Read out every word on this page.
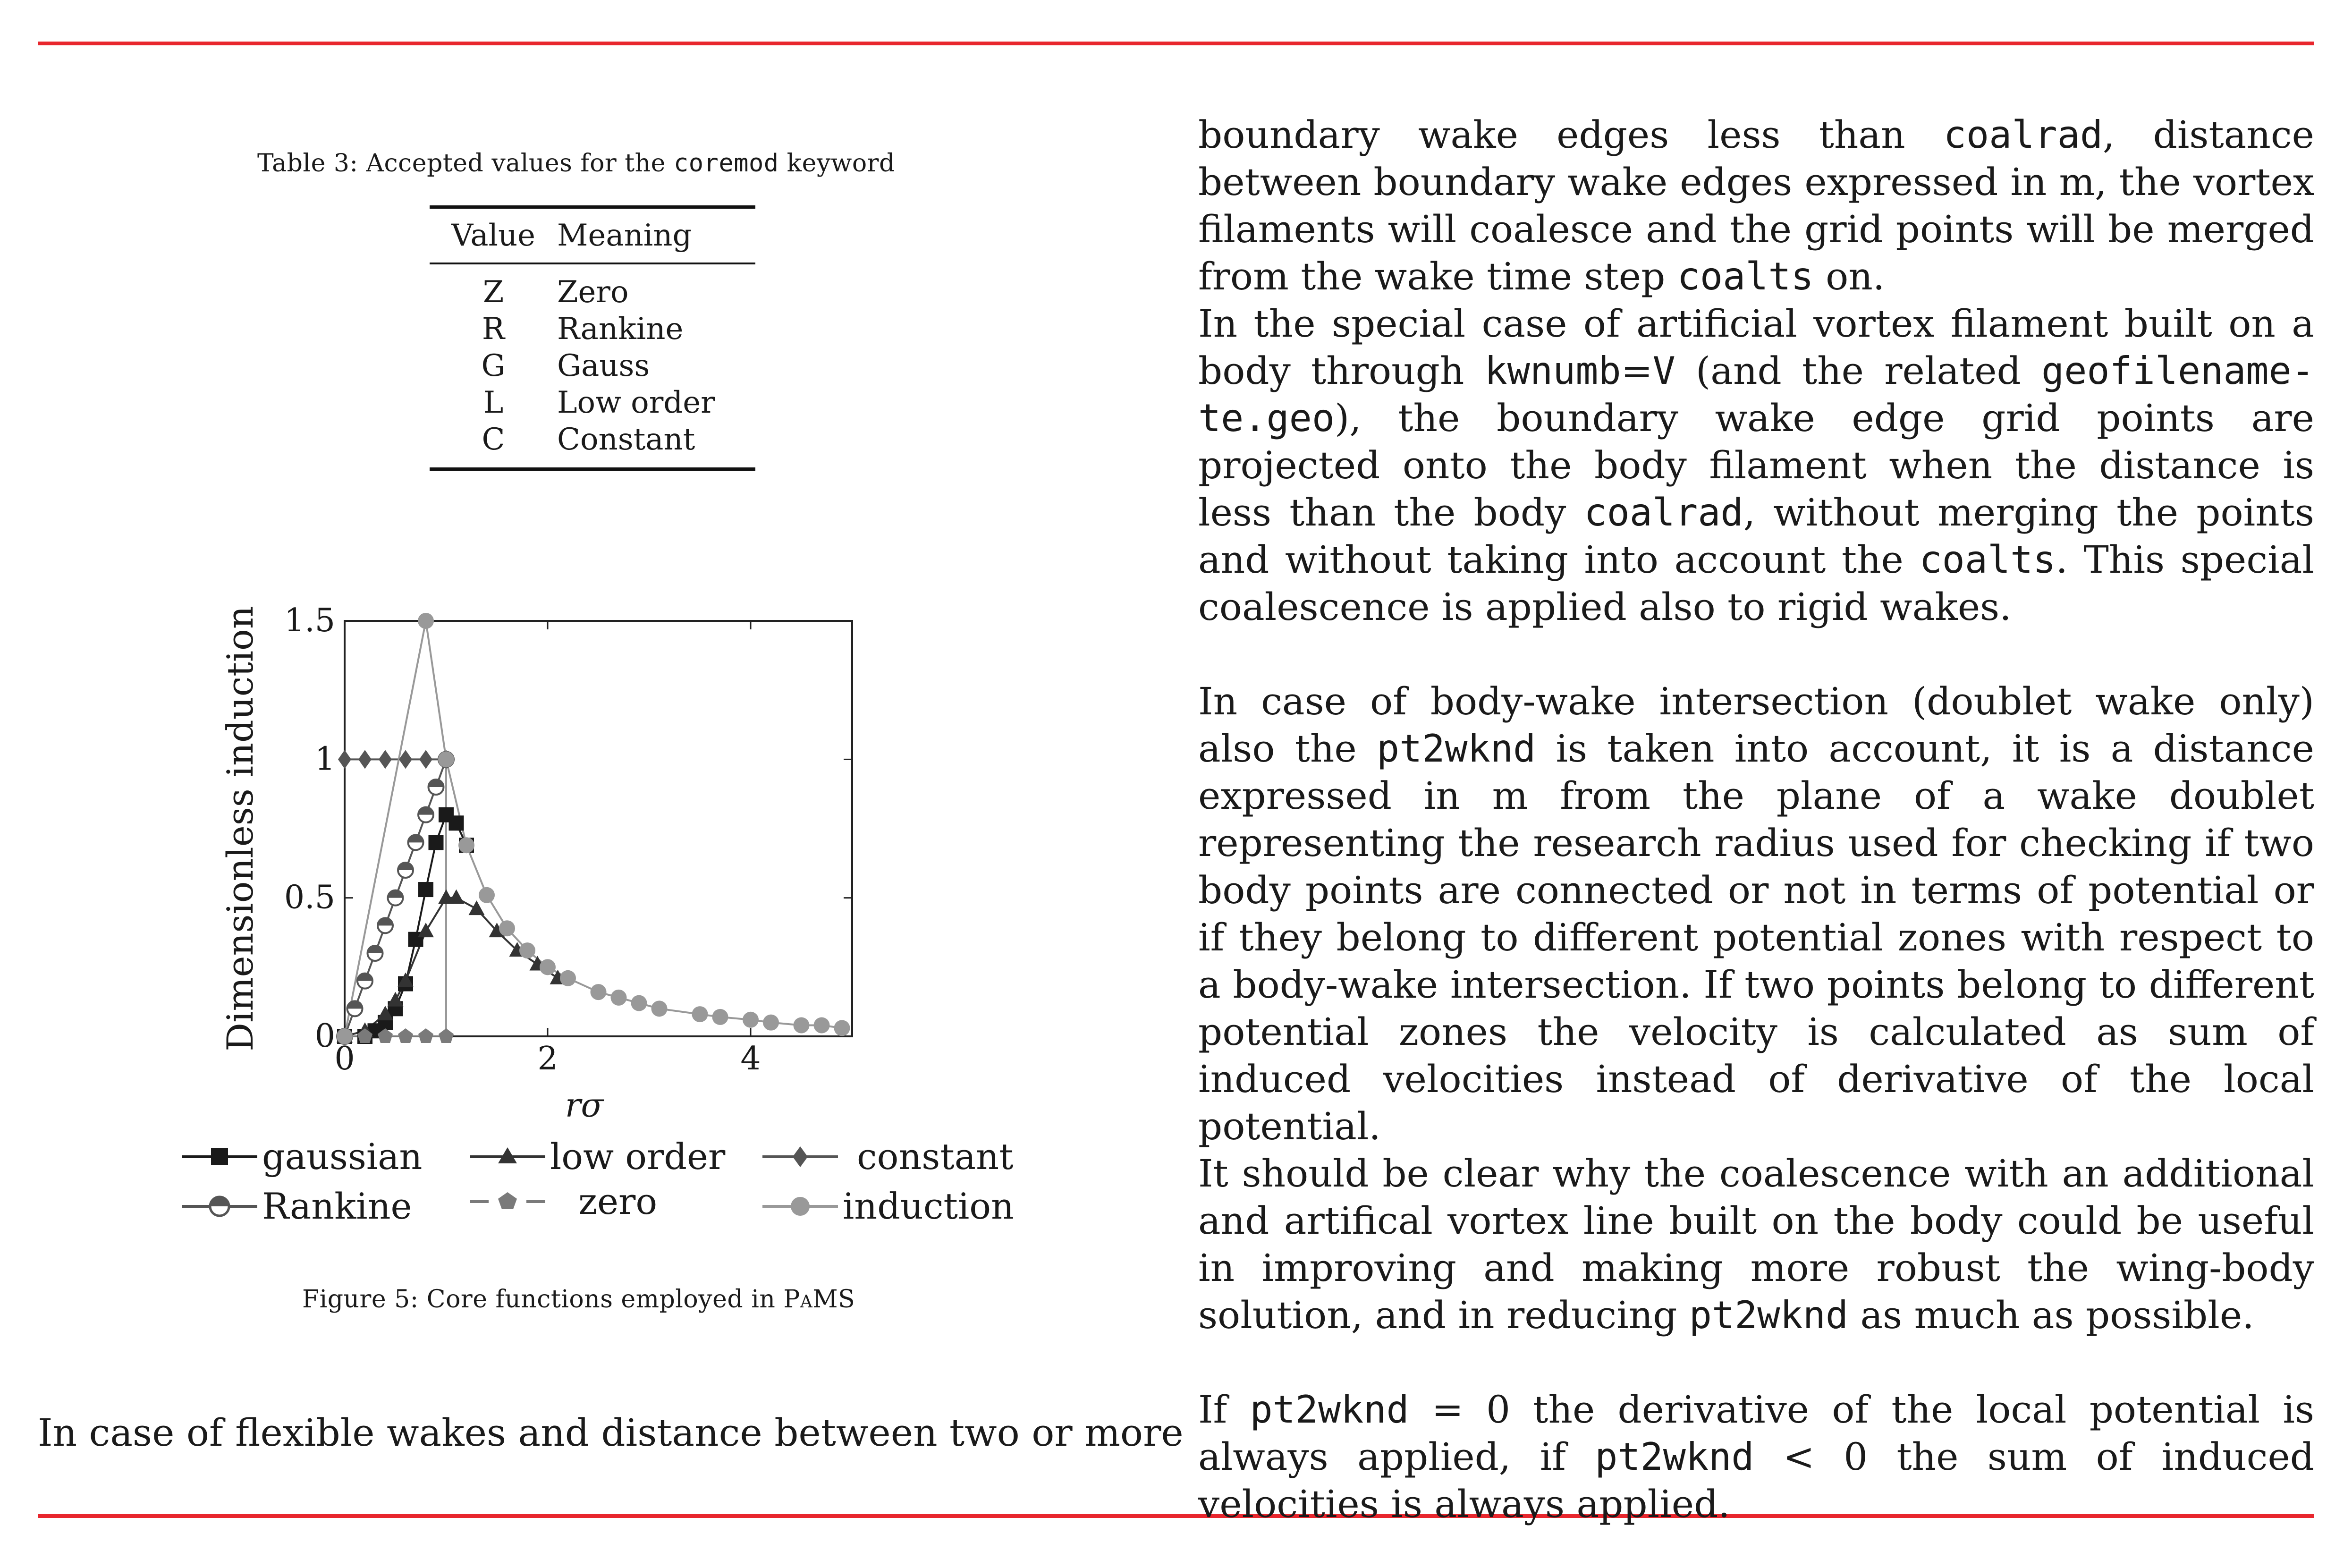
Table 3: Accepted values for the coremod keyword
Value	Meaning

Z	Zero
R	Rankine
G	Gauss
L	Low order
C	Constant
0	2	4
0
0.5
1
1.5
rσ
Dimensionless induction
gaussian	low order	constant
Rankine	zero	induction
Figure 5: Core functions employed in PaMS
In case of flexible wakes and distance between two or more

boundary wake edges less than coalrad, distance between boundary wake edges expressed in m, the vortex filaments will coalesce and the grid points will be merged from the wake time step coalts on.

In the special case of artificial vortex filament built on a body through kwnumb=V (and the related geofilename-te.geo), the boundary wake edge grid points are projected onto the body filament when the distance is less than the body coalrad, without merging the points and without taking into account the coalts. This special coalescence is applied also to rigid wakes.

In case of body-wake intersection (doublet wake only) also the pt2wknd is taken into account, it is a distance expressed in m from the plane of a wake doublet representing the research radius used for checking if two body points are connected or not in terms of potential or if they belong to different potential zones with respect to a body-wake intersection. If two points belong to different potential zones the velocity is calculated as sum of induced velocities instead of derivative of the local potential.

It should be clear why the coalescence with an additional and artifical vortex line built on the body could be useful in improving and making more robust the wing-body solution, and in reducing pt2wknd as much as possible.

If pt2wknd = 0 the derivative of the local potential is always applied, if pt2wknd < 0 the sum of induced velocities is always applied.
